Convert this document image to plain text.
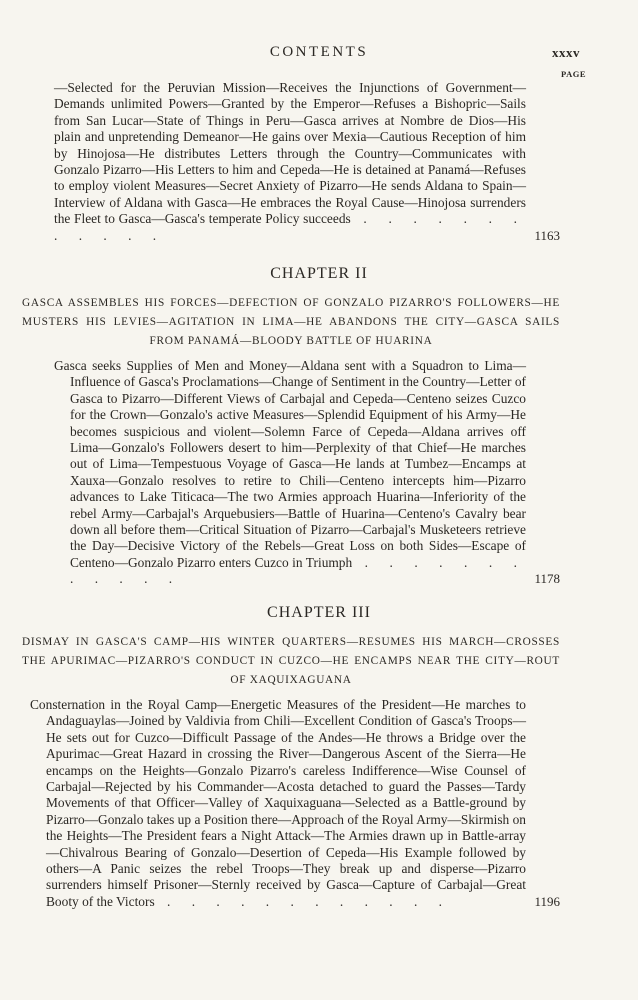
CONTENTS	xxxv
PAGE

—Selected for the Peruvian Mission—Receives the Injunctions of Government—Demands unlimited Powers—Granted by the Emperor—Refuses a Bishopric—Sails from San Lucar—State of Things in Peru—Gasca arrives at Nombre de Dios—His plain and unpretending Demeanor—He gains over Mexia—Cautious Reception of him by Hinojosa—He distributes Letters through the Country—Communicates with Gonzalo Pizarro—His Letters to him and Cepeda—He is detained at Panamá—Refuses to employ violent Measures—Secret Anxiety of Pizarro—He sends Aldana to Spain—Interview of Aldana with Gasca—He embraces the Royal Cause—Hinojosa surrenders the Fleet to Gasca—Gasca's temperate Policy succeeds . . . . . . . . . . . .	1163
CHAPTER II
GASCA ASSEMBLES HIS FORCES—DEFECTION OF GONZALO PIZARRO'S FOLLOWERS—HE MUSTERS HIS LEVIES—AGITATION IN LIMA—HE ABANDONS THE CITY—GASCA SAILS FROM PANAMÁ—BLOODY BATTLE OF HUARINA

Gasca seeks Supplies of Men and Money—Aldana sent with a Squadron to Lima—Influence of Gasca's Proclamations—Change of Sentiment in the Country—Letter of Gasca to Pizarro—Different Views of Carbajal and Cepeda—Centeno seizes Cuzco for the Crown—Gonzalo's active Measures—Splendid Equipment of his Army—He becomes suspicious and violent—Solemn Farce of Cepeda—Aldana arrives off Lima—Gonzalo's Followers desert to him—Perplexity of that Chief—He marches out of Lima—Tempestuous Voyage of Gasca—He lands at Tumbez—Encamps at Xauxa—Gonzalo resolves to retire to Chili—Centeno intercepts him—Pizarro advances to Lake Titicaca—The two Armies approach Huarina—Inferiority of the rebel Army—Carbajal's Arquebusiers—Battle of Huarina—Centeno's Cavalry bear down all before them—Critical Situation of Pizarro—Carbajal's Musketeers retrieve the Day—Decisive Victory of the Rebels—Great Loss on both Sides—Escape of Centeno—Gonzalo Pizarro enters Cuzco in Triumph . . . . . . . . . . . .	1178
CHAPTER III
DISMAY IN GASCA'S CAMP—HIS WINTER QUARTERS—RESUMES HIS MARCH—CROSSES THE APURIMAC—PIZARRO'S CONDUCT IN CUZCO—HE ENCAMPS NEAR THE CITY—ROUT OF XAQUIXAGUANA

Consternation in the Royal Camp—Energetic Measures of the President—He marches to Andaguaylas—Joined by Valdivia from Chili—Excellent Condition of Gasca's Troops—He sets out for Cuzco—Difficult Passage of the Andes—He throws a Bridge over the Apurimac—Great Hazard in crossing the River—Dangerous Ascent of the Sierra—He encamps on the Heights—Gonzalo Pizarro's careless Indifference—Wise Counsel of Carbajal—Rejected by his Commander—Acosta detached to guard the Passes—Tardy Movements of that Officer—Valley of Xaquixaguana—Selected as a Battle-ground by Pizarro—Gonzalo takes up a Position there—Approach of the Royal Army—Skirmish on the Heights—The President fears a Night Attack—The Armies drawn up in Battle-array—Chivalrous Bearing of Gonzalo—Desertion of Cepeda—His Example followed by others—A Panic seizes the rebel Troops—They break up and disperse—Pizarro surrenders himself Prisoner—Sternly received by Gasca—Capture of Carbajal—Great Booty of the Victors . . . . . . . . . . . .	1196
